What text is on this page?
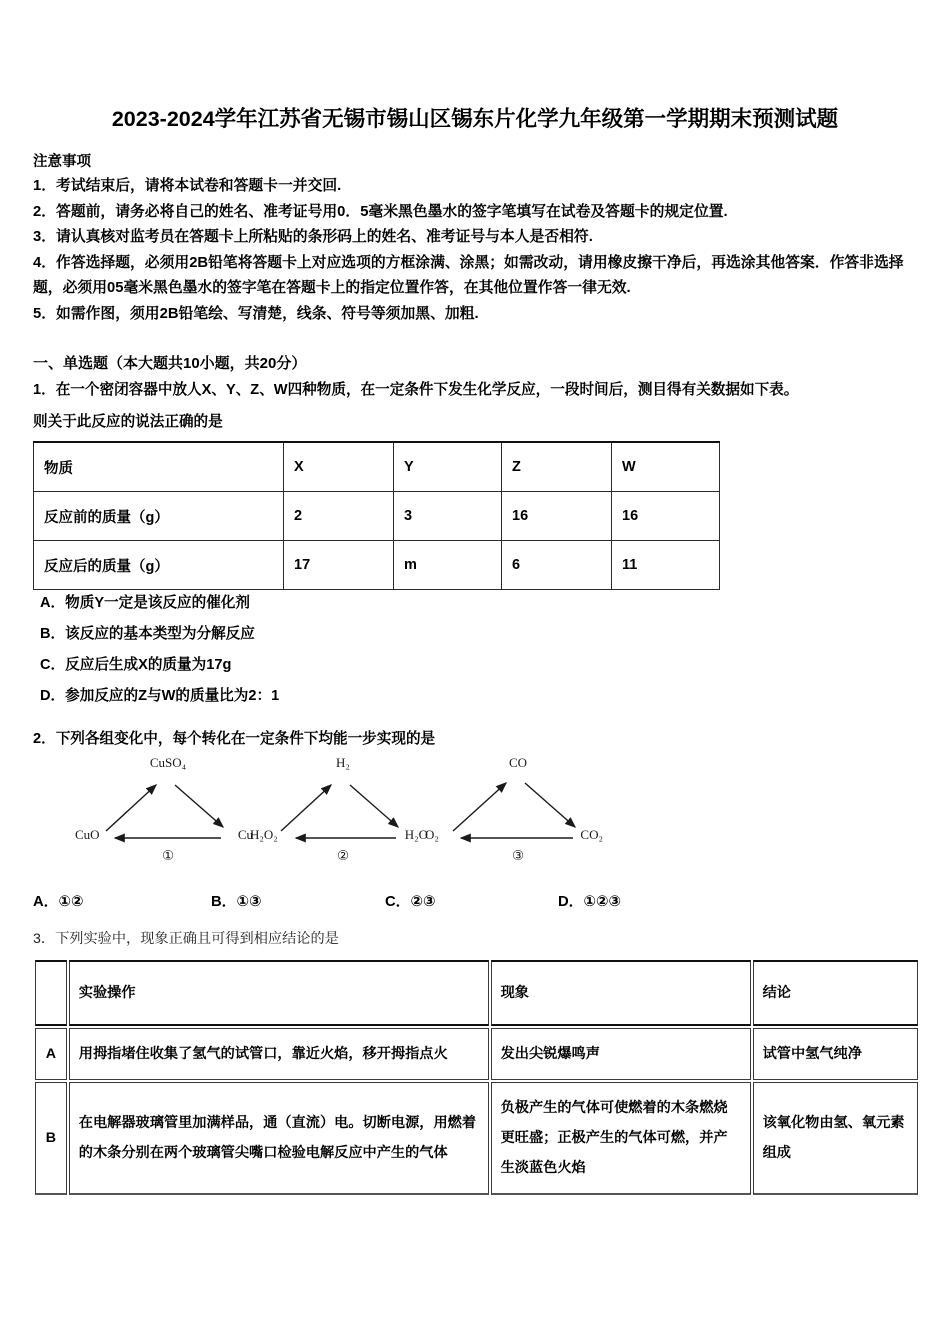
2023-2024学年江苏省无锡市锡山区锡东片化学九年级第一学期期末预测试题
注意事项
1．考试结束后，请将本试卷和答题卡一并交回.
2．答题前，请务必将自己的姓名、准考证号用0．5毫米黑色墨水的签字笔填写在试卷及答题卡的规定位置.
3．请认真核对监考员在答题卡上所粘贴的条形码上的姓名、准考证号与本人是否相符.
4．作答选择题，必须用2B铅笔将答题卡上对应选项的方框涂满、涂黑；如需改动，请用橡皮擦干净后，再选涂其他答案．作答非选择题，必须用05毫米黑色墨水的签字笔在答题卡上的指定位置作答，在其他位置作答一律无效.
5．如需作图，须用2B铅笔绘、写清楚，线条、符号等须加黑、加粗.
一、单选题（本大题共10小题，共20分）
1．在一个密闭容器中放人X、Y、Z、W四种物质，在一定条件下发生化学反应，一段时间后，测目得有关数据如下表。
则关于此反应的说法正确的是
物质	X	Y	Z	W
反应前的质量（g）	2	3	16	16
反应后的质量（g）	17	m	6	11
A．物质Y一定是该反应的催化剂
B．该反应的基本类型为分解反应
C．反应后生成X的质量为17g
D．参加反应的Z与W的质量比为2：1
2．下列各组变化中，每个转化在一定条件下均能一步实现的是
CuSO₄
CuO	Cu
①
H₂
H₂O₂	H₂O
②
CO
O₂	CO₂
③
A．①②	B．①③	C．②③	D．①②③
3．下列实验中，现象正确且可得到相应结论的是
	实验操作	现象	结论
A	用拇指堵住收集了氢气的试管口，靠近火焰，移开拇指点火	发出尖锐爆鸣声	试管中氢气纯净
B	在电解器玻璃管里加满样品，通（直流）电。切断电源，用燃着的木条分别在两个玻璃管尖嘴口检验电解反应中产生的气体	负极产生的气体可使燃着的木条燃烧更旺盛；正极产生的气体可燃，并产生淡蓝色火焰	该氧化物由氢、氧元素组成
